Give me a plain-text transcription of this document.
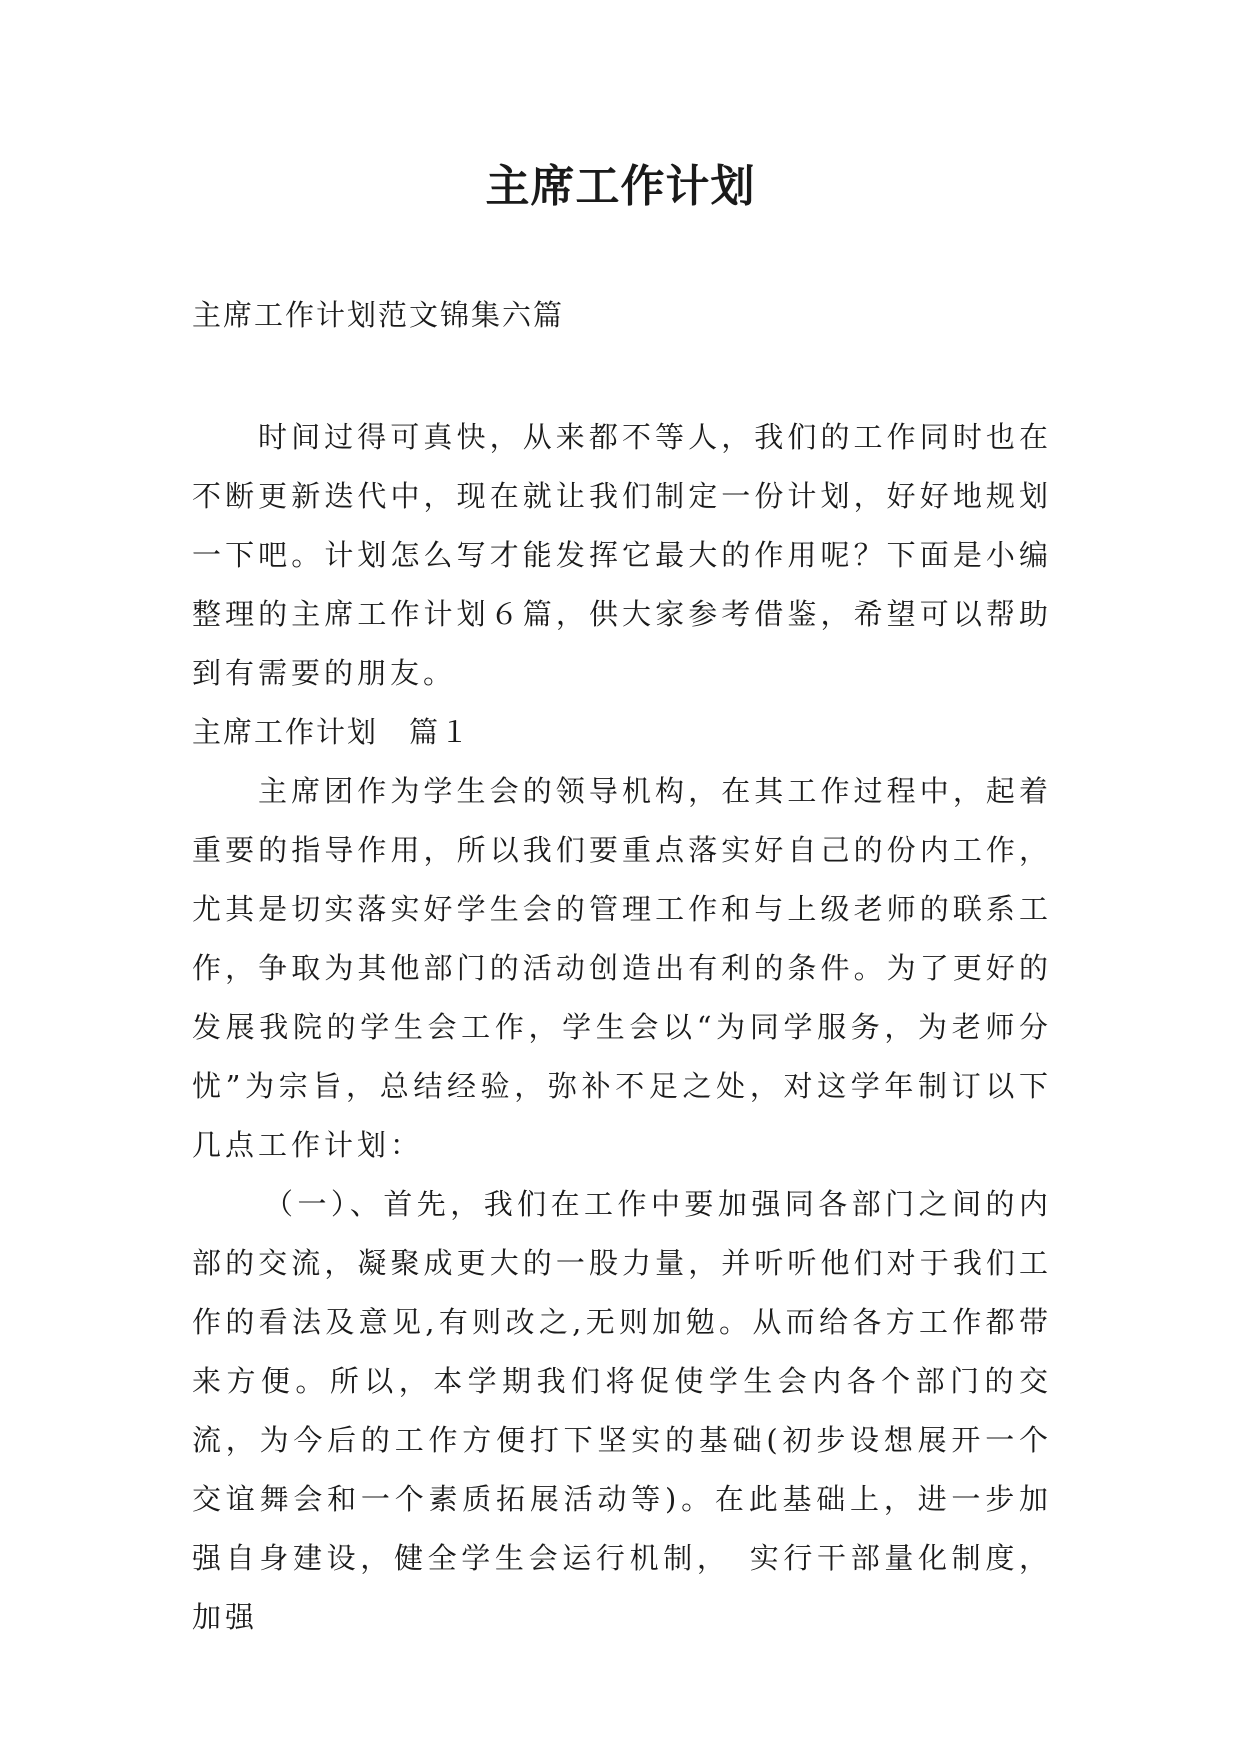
主席工作计划

主席工作计划范文锦集六篇

时间过得可真快，从来都不等人，我们的工作同时也在不断更新迭代中，现在就让我们制定一份计划，好好地规划一下吧。计划怎么写才能发挥它最大的作用呢？下面是小编整理的主席工作计划６篇，供大家参考借鉴，希望可以帮助到有需要的朋友。

主席工作计划　篇１

主席团作为学生会的领导机构，在其工作过程中，起着重要的指导作用，所以我们要重点落实好自己的份内工作，尤其是切实落实好学生会的管理工作和与上级老师的联系工作，争取为其他部门的活动创造出有利的条件。为了更好的发展我院的学生会工作，学生会以“为同学服务，为老师分忧”为宗旨，总结经验，弥补不足之处，对这学年制订以下几点工作计划：

（一）、首先，我们在工作中要加强同各部门之间的内部的交流，凝聚成更大的一股力量，并听听他们对于我们工作的看法及意见,有则改之,无则加勉。从而给各方工作都带来方便。所以，本学期我们将促使学生会内各个部门的交流，为今后的工作方便打下坚实的基础(初步设想展开一个交谊舞会和一个素质拓展活动等)。在此基础上，进一步加强自身建设，健全学生会运行机制，　实行干部量化制度，加强
